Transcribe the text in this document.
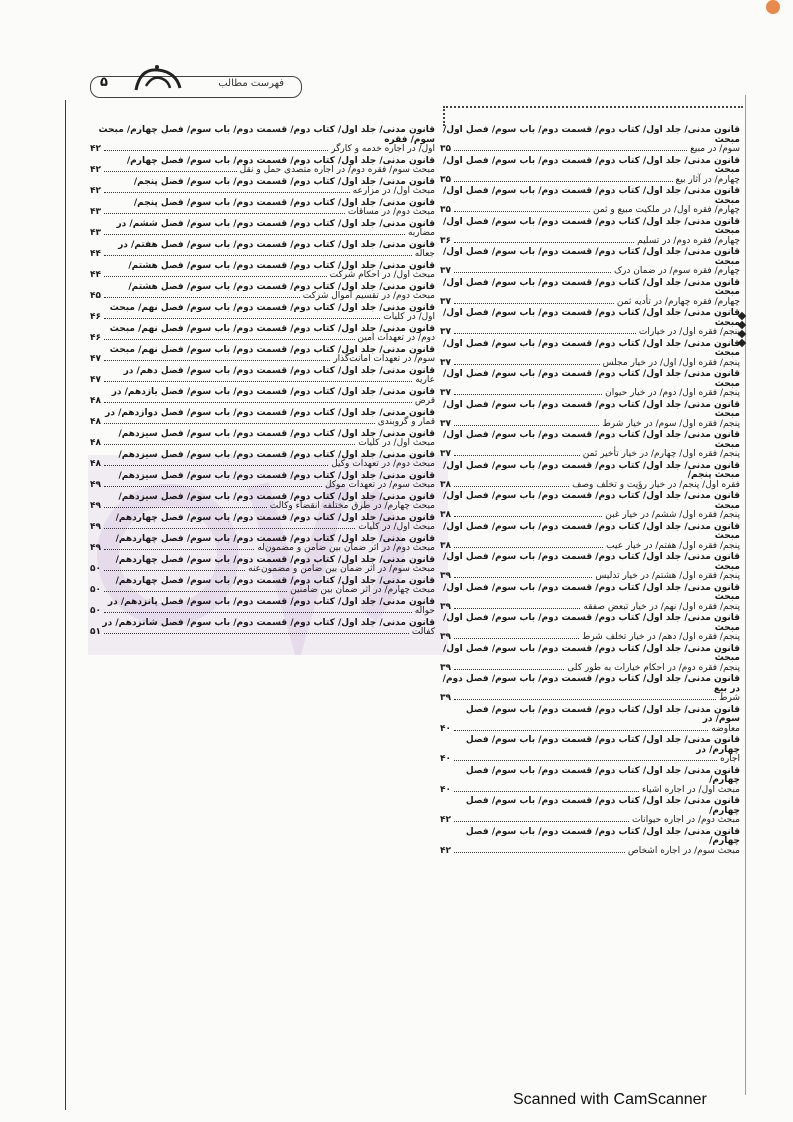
۵	فهرست مطالب
قانون مدنی/ جلد اول/ کتاب دوم/ قسمت دوم/ باب سوم/ فصل اول/ مبحث
سوم/ در مبیع
۳۵
قانون مدنی/ جلد اول/ کتاب دوم/ قسمت دوم/ باب سوم/ فصل اول/ مبحث
چهارم/ در آثار بیع
۳۵
قانون مدنی/ جلد اول/ کتاب دوم/ قسمت دوم/ باب سوم/ فصل اول/ مبحث
چهارم/ فقره اول/ در ملکیت مبیع و ثمن
۳۵
قانون مدنی/ جلد اول/ کتاب دوم/ قسمت دوم/ باب سوم/ فصل اول/ مبحث
چهارم/ فقره دوم/ در تسلیم
۳۶
قانون مدنی/ جلد اول/ کتاب دوم/ قسمت دوم/ باب سوم/ فصل اول/ مبحث
چهارم/ فقره سوم/ در ضمان درک
۳۷
قانون مدنی/ جلد اول/ کتاب دوم/ قسمت دوم/ باب سوم/ فصل اول/ مبحث
چهارم/ فقره چهارم/ در تأدیه ثمن
۳۷
قانون مدنی/ جلد اول/ کتاب دوم/ قسمت دوم/ باب سوم/ فصل اول/ مبحث
پنجم/ فقره اول/ در خیارات
۳۷
قانون مدنی/ جلد اول/ کتاب دوم/ قسمت دوم/ باب سوم/ فصل اول/ مبحث
پنجم/ فقره اول/ اول/ در خیار مجلس
۳۷
قانون مدنی/ جلد اول/ کتاب دوم/ قسمت دوم/ باب سوم/ فصل اول/ مبحث
پنجم/ فقره اول/ دوم/ در خیار حیوان
۳۷
قانون مدنی/ جلد اول/ کتاب دوم/ قسمت دوم/ باب سوم/ فصل اول/ مبحث
پنجم/ فقره اول/ سوم/ در خیار شرط
۳۷
قانون مدنی/ جلد اول/ کتاب دوم/ قسمت دوم/ باب سوم/ فصل اول/ مبحث
پنجم/ فقره اول/ چهارم/ در خیار تأخیر ثمن
۳۷
قانون مدنی/ جلد اول/ کتاب دوم/ قسمت دوم/ باب سوم/ فصل اول/ مبحث پنجم/
فقره اول/ پنجم/ در خیار رؤیت و تخلف وصف
۳۸
قانون مدنی/ جلد اول/ کتاب دوم/ قسمت دوم/ باب سوم/ فصل اول/ مبحث
پنجم/ فقره اول/ ششم/ در خیار غبن
۳۸
قانون مدنی/ جلد اول/ کتاب دوم/ قسمت دوم/ باب سوم/ فصل اول/ مبحث
پنجم/ فقره اول/ هفتم/ در خیار عیب
۳۸
قانون مدنی/ جلد اول/ کتاب دوم/ قسمت دوم/ باب سوم/ فصل اول/ مبحث
پنجم/ فقره اول/ هشتم/ در خیار تدلیس
۳۹
قانون مدنی/ جلد اول/ کتاب دوم/ قسمت دوم/ باب سوم/ فصل اول/ مبحث
پنجم/ فقره اول/ نهم/ در خیار تبعض صفقه
۳۹
قانون مدنی/ جلد اول/ کتاب دوم/ قسمت دوم/ باب سوم/ فصل اول/ مبحث
پنجم/ فقره اول/ دهم/ در خیار تخلف شرط
۳۹
قانون مدنی/ جلد اول/ کتاب دوم/ قسمت دوم/ باب سوم/ فصل اول/ مبحث
پنجم/ فقره دوم/ در احکام خیارات به طور کلی
۳۹
قانون مدنی/ جلد اول/ کتاب دوم/ قسمت دوم/ باب سوم/ فصل دوم/ در بیع
شرط
۳۹
قانون مدنی/ جلد اول/ کتاب دوم/ قسمت دوم/ باب سوم/ فصل سوم/ در
معاوضه
۴۰
قانون مدنی/ جلد اول/ کتاب دوم/ قسمت دوم/ باب سوم/ فصل چهارم/ در
اجاره
۴۰
قانون مدنی/ جلد اول/ کتاب دوم/ قسمت دوم/ باب سوم/ فصل چهارم/
مبحث اول/ در اجاره اشیاء
۴۰
قانون مدنی/ جلد اول/ کتاب دوم/ قسمت دوم/ باب سوم/ فصل چهارم/
مبحث دوم/ در اجاره حیوانات
۴۲
قانون مدنی/ جلد اول/ کتاب دوم/ قسمت دوم/ باب سوم/ فصل چهارم/
مبحث سوم/ در اجاره اشخاص
۴۲
قانون مدنی/ جلد اول/ کتاب دوم/ قسمت دوم/ باب سوم/ فصل چهارم/ مبحث سوم/ فقره
اول/ در اجاره خدمه و کارگر
۴۲
قانون مدنی/ جلد اول/ کتاب دوم/ قسمت دوم/ باب سوم/ فصل چهارم/
مبحث سوم/ فقره دوم/ در اجاره متصدی حمل و نقل
۴۲
قانون مدنی/ جلد اول/ کتاب دوم/ قسمت دوم/ باب سوم/ فصل پنجم/
مبحث اول/ در مزارعه
۴۲
قانون مدنی/ جلد اول/ کتاب دوم/ قسمت دوم/ باب سوم/ فصل پنجم/
مبحث دوم/ در مساقات
۴۳
قانون مدنی/ جلد اول/ کتاب دوم/ قسمت دوم/ باب سوم/ فصل ششم/ در
مضاربه
۴۳
قانون مدنی/ جلد اول/ کتاب دوم/ قسمت دوم/ باب سوم/ فصل هفتم/ در
جعاله
۴۴
قانون مدنی/ جلد اول/ کتاب دوم/ قسمت دوم/ باب سوم/ فصل هشتم/
مبحث اول/ در احکام شرکت
۴۴
قانون مدنی/ جلد اول/ کتاب دوم/ قسمت دوم/ باب سوم/ فصل هشتم/
مبحث دوم/ در تقسیم اموال شرکت
۴۵
قانون مدنی/ جلد اول/ کتاب دوم/ قسمت دوم/ باب سوم/ فصل نهم/ مبحث
اول/ در کلیات
۴۶
قانون مدنی/ جلد اول/ کتاب دوم/ قسمت دوم/ باب سوم/ فصل نهم/ مبحث
دوم/ در تعهدات امین
۴۶
قانون مدنی/ جلد اول/ کتاب دوم/ قسمت دوم/ باب سوم/ فصل نهم/ مبحث
سوم/ در تعهدات امانت‌گذار
۴۷
قانون مدنی/ جلد اول/ کتاب دوم/ قسمت دوم/ باب سوم/ فصل دهم/ در
عاریه
۴۷
قانون مدنی/ جلد اول/ کتاب دوم/ قسمت دوم/ باب سوم/ فصل یازدهم/ در
قرض
۴۸
قانون مدنی/ جلد اول/ کتاب دوم/ قسمت دوم/ باب سوم/ فصل دوازدهم/ در
قمار و گروبندی
۴۸
قانون مدنی/ جلد اول/ کتاب دوم/ قسمت دوم/ باب سوم/ فصل سیزدهم/
مبحث اول/ در کلیات
۴۸
قانون مدنی/ جلد اول/ کتاب دوم/ قسمت دوم/ باب سوم/ فصل سیزدهم/
مبحث دوم/ در تعهدات وکیل
۴۸
قانون مدنی/ جلد اول/ کتاب دوم/ قسمت دوم/ باب سوم/ فصل سیزدهم/
مبحث سوم/ در تعهدات موکل
۴۹
قانون مدنی/ جلد اول/ کتاب دوم/ قسمت دوم/ باب سوم/ فصل سیزدهم/
مبحث چهارم/ در طرق مختلفه انقضاء وکالت
۴۹
قانون مدنی/ جلد اول/ کتاب دوم/ قسمت دوم/ باب سوم/ فصل چهاردهم/
مبحث اول/ در کلیات
۴۹
قانون مدنی/ جلد اول/ کتاب دوم/ قسمت دوم/ باب سوم/ فصل چهاردهم/
مبحث دوم/ در اثر ضمان بین ضامن و مضمون‌له
۴۹
قانون مدنی/ جلد اول/ کتاب دوم/ قسمت دوم/ باب سوم/ فصل چهاردهم/
مبحث سوم/ در اثر ضمان بین ضامن و مضمون‌عنه
۵۰
قانون مدنی/ جلد اول/ کتاب دوم/ قسمت دوم/ باب سوم/ فصل چهاردهم/
مبحث چهارم/ در اثر ضمان بین ضامنین
۵۰
قانون مدنی/ جلد اول/ کتاب دوم/ قسمت دوم/ باب سوم/ فصل پانزدهم/ در
حواله
۵۰
قانون مدنی/ جلد اول/ کتاب دوم/ قسمت دوم/ باب سوم/ فصل شانزدهم/ در
کفالت
۵۱
Scanned with CamScanner
